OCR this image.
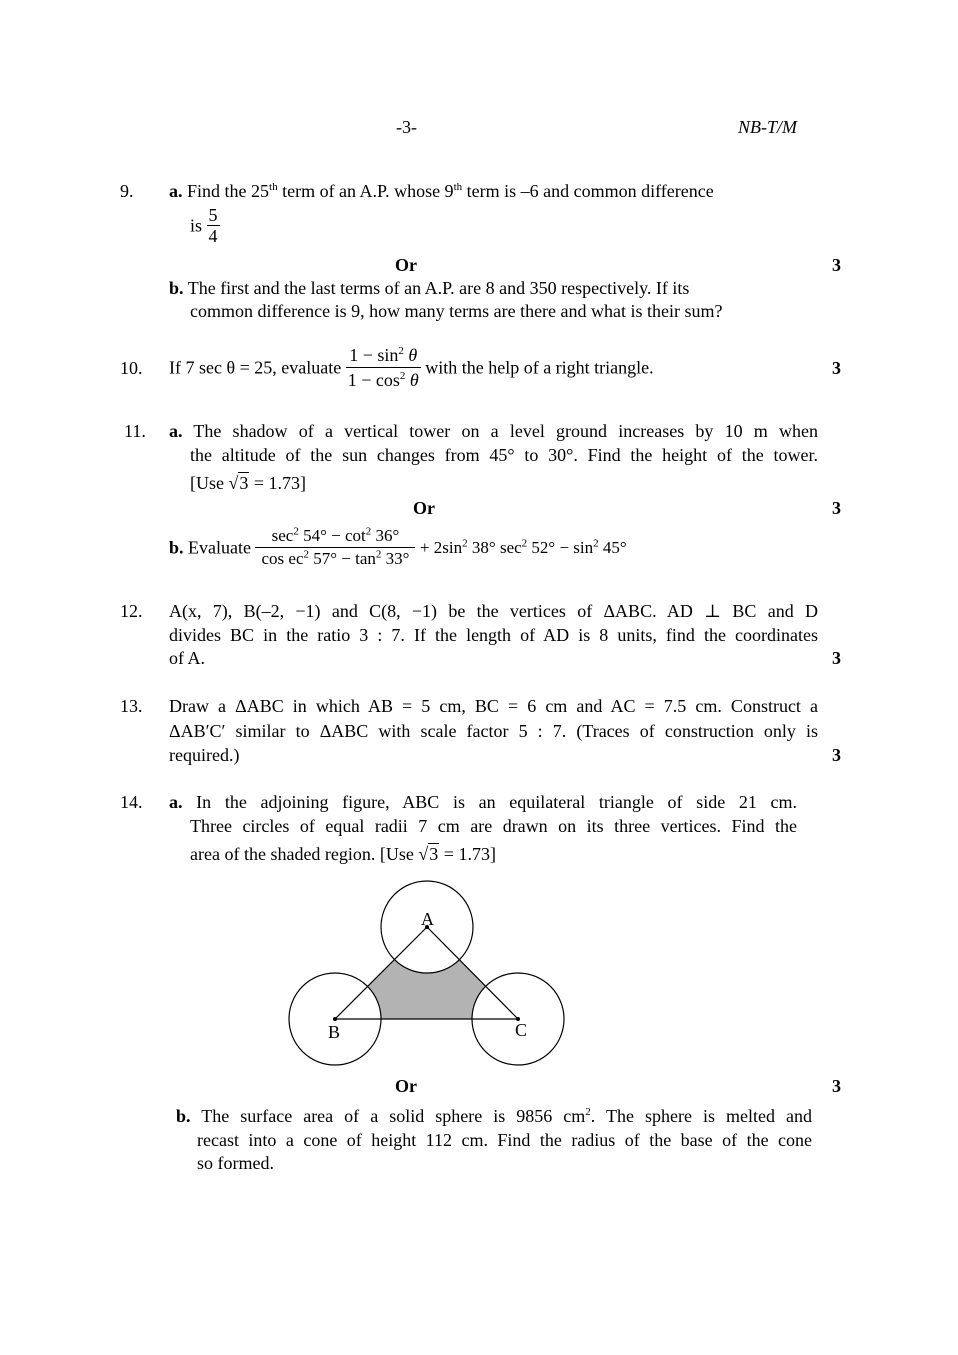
-3-	NB-T/M
9. a. Find the 25th term of an A.P. whose 9th term is –6 and common difference
is $\frac{5}{4}$
Or	3
b. The first and the last terms of an A.P. are 8 and 350 respectively. If its
common difference is 9, how many terms are there and what is their sum?
10. If 7 sec θ = 25, evaluate $\frac{1 - \sin^2 \theta}{1 - \cos^2 \theta}$ with the help of a right triangle.	3
11. a. The shadow of a vertical tower on a level ground increases by 10 m when
the altitude of the sun changes from 45° to 30°. Find the height of the tower.
[Use √3 = 1.73]
Or	3
b. Evaluate $\frac{\sec^2 54^\circ - \cot^2 36^\circ}{\cos ec^2 57^\circ - \tan^2 33^\circ} + 2\sin^2$ 38° $\sec^2 52^\circ - \sin^2 45^\circ$
12. A(x, 7), B(–2, −1) and C(8, −1) be the vertices of ΔABC. AD ⊥ BC and D
divides BC in the ratio 3 : 7. If the length of AD is 8 units, find the coordinates
of A.	3
13. Draw a ΔABC in which AB = 5 cm, BC = 6 cm and AC = 7.5 cm. Construct a
ΔAB′C′ similar to ΔABC with scale factor 5 : 7. (Traces of construction only is
required.)	3
14. a. In the adjoining figure, ABC is an equilateral triangle of side 21 cm.
Three circles of equal radii 7 cm are drawn on its three vertices. Find the
area of the shaded region. [Use √3 = 1.73]
A
B	C
Or	3
b. The surface area of a solid sphere is 9856 $cm^2$. The sphere is melted and
recast into a cone of height 112 cm. Find the radius of the base of the cone
so formed.
